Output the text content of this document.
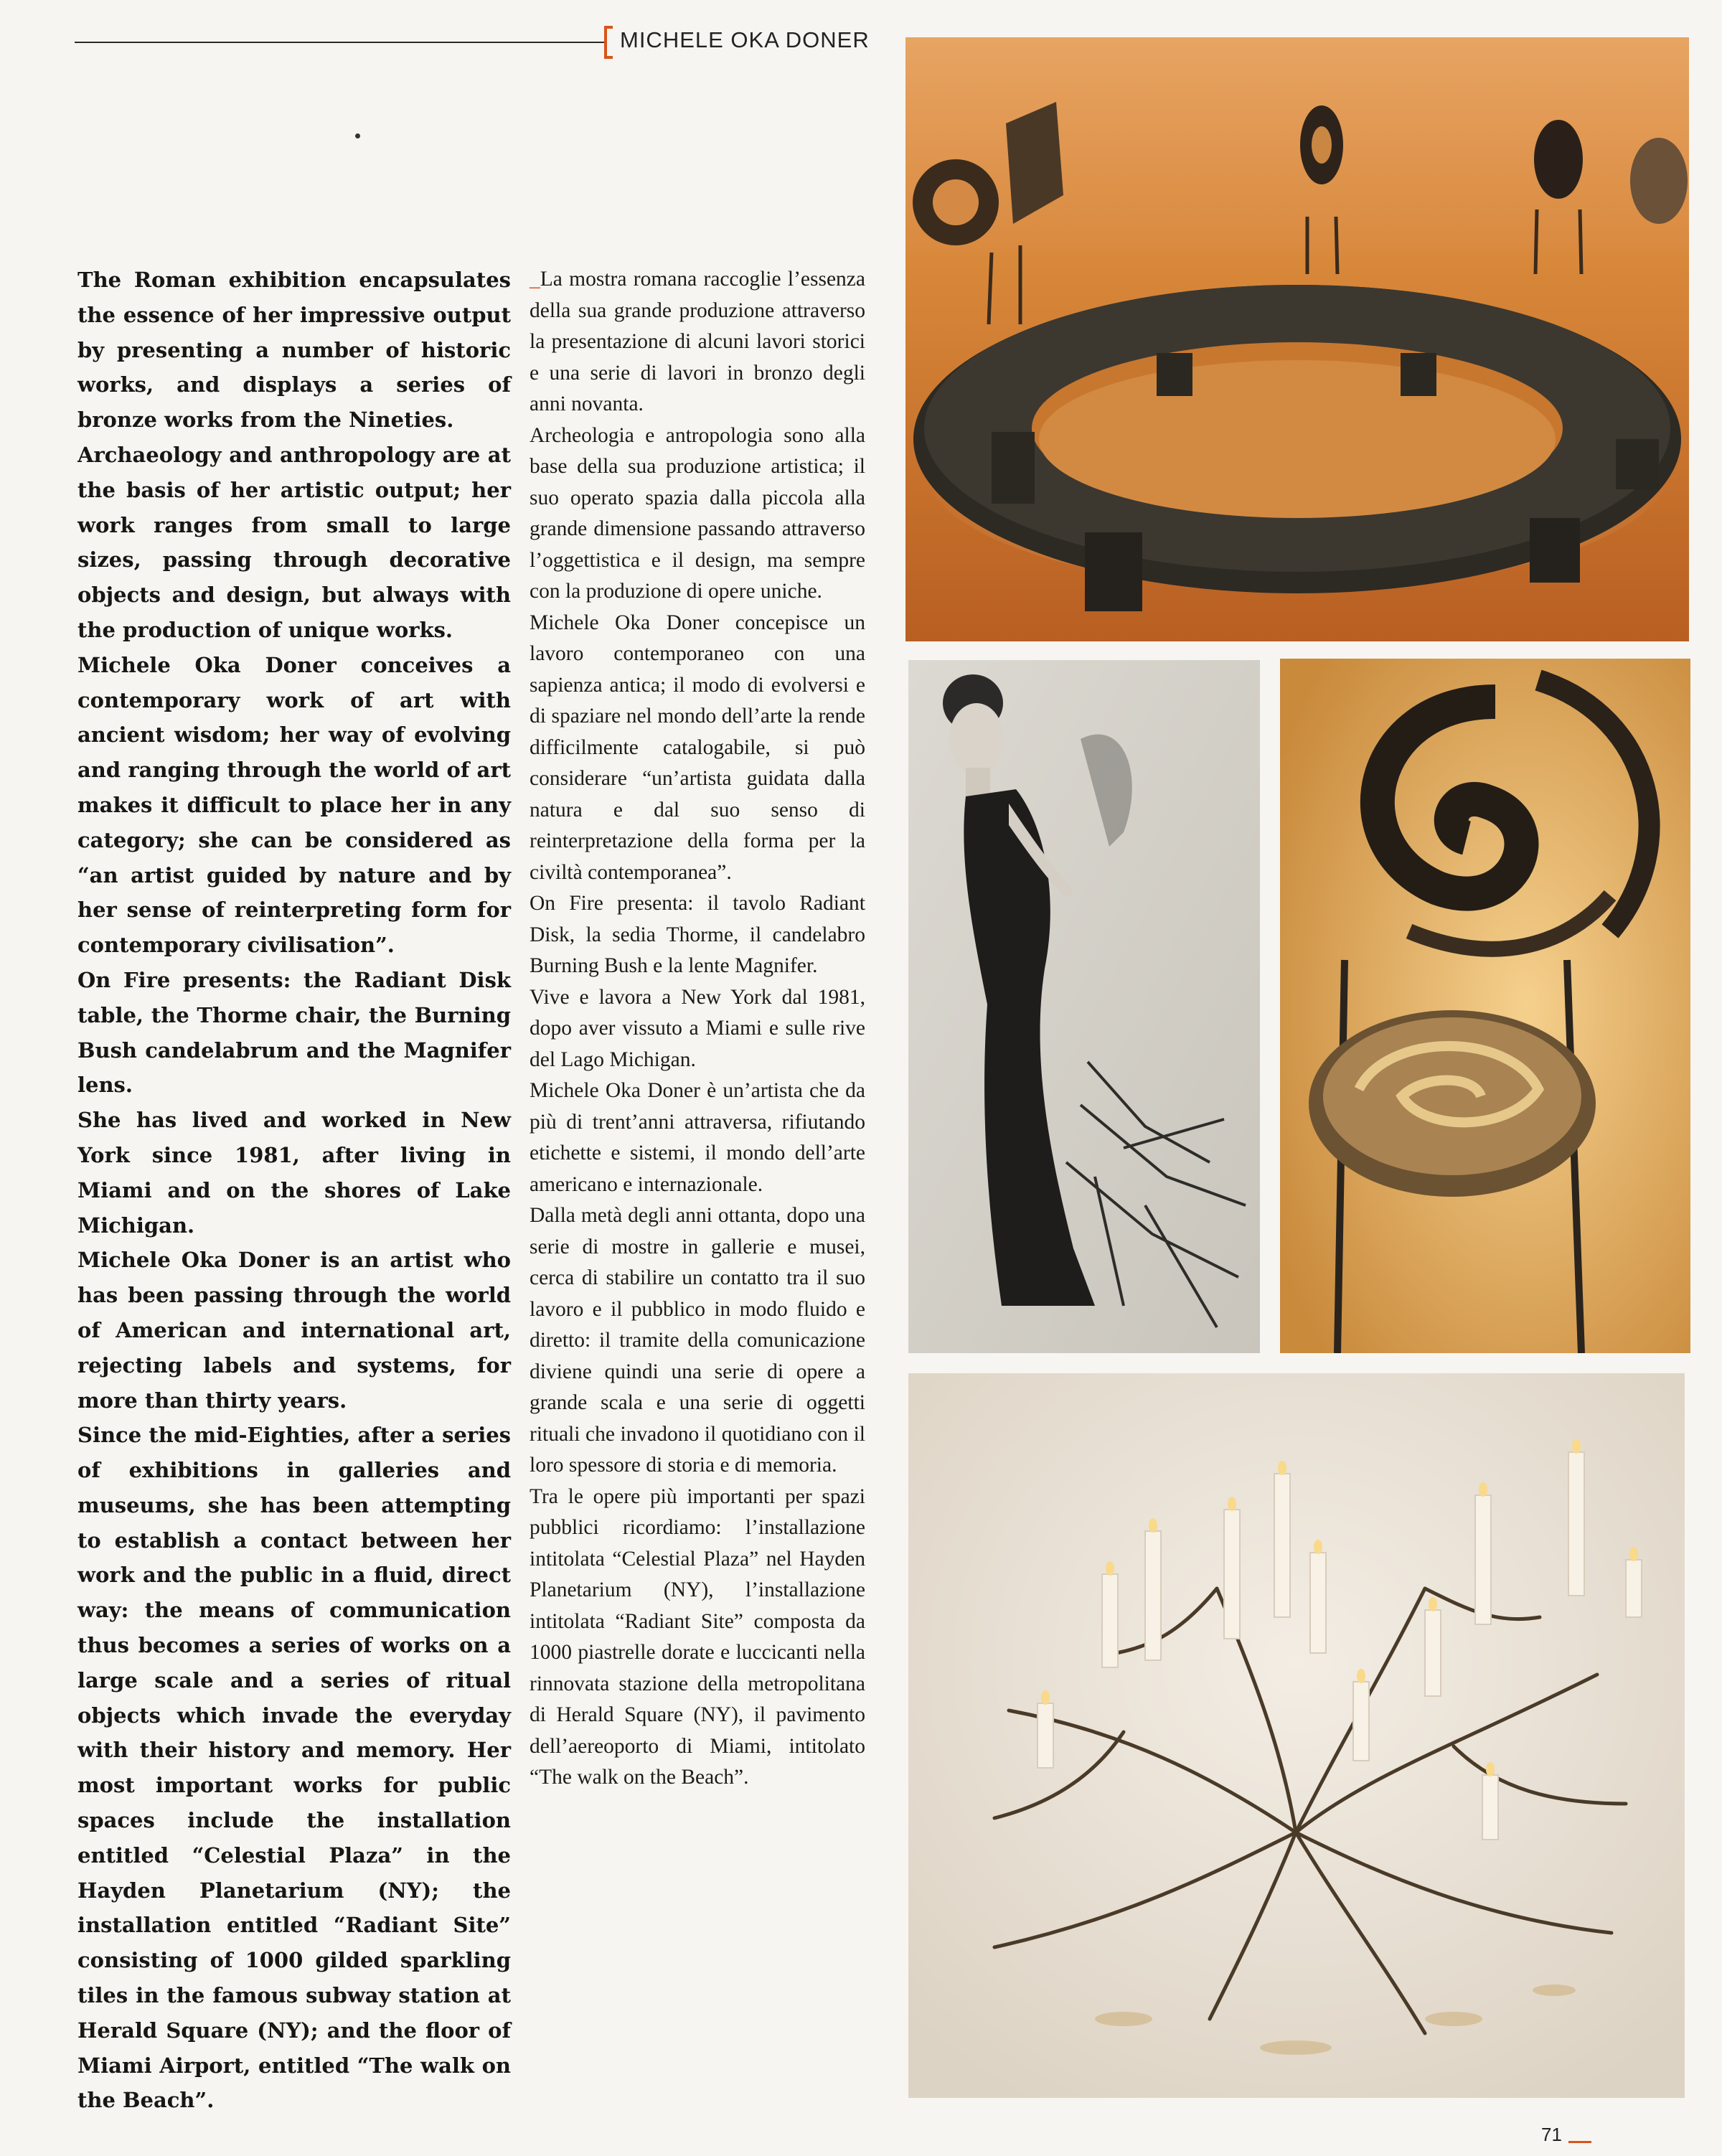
MICHELE OKA DONER

The Roman exhibition encapsulates the essence of her impressive output by presenting a number of historic works, and displays a series of bronze works from the Nineties.

Archaeology and anthropology are at the basis of her artistic output; her work ranges from small to large sizes, passing through decorative objects and design, but always with the production of unique works.

Michele Oka Doner conceives a contemporary work of art with ancient wisdom; her way of evolving and ranging through the world of art makes it difficult to place her in any category; she can be considered as “an artist guided by nature and by her sense of reinterpreting form for contemporary civilisation”.

On Fire presents: the Radiant Disk table, the Thorme chair, the Burning Bush candelabrum and the Magnifer lens.

She has lived and worked in New York since 1981, after living in Miami and on the shores of Lake Michigan.

Michele Oka Doner is an artist who has been passing through the world of American and international art, rejecting labels and systems, for more than thirty years.

Since the mid-Eighties, after a series of exhibitions in galleries and museums, she has been attempting to establish a contact between her work and the public in a fluid, direct way: the means of communication thus becomes a series of works on a large scale and a series of ritual objects which invade the everyday with their history and memory. Her most important works for public spaces include the installation entitled “Celestial Plaza” in the Hayden Planetarium (NY); the installation entitled “Radiant Site” consisting of 1000 gilded sparkling tiles in the famous subway station at Herald Square (NY); and the floor of Miami Airport, entitled “The walk on the Beach”.

_La mostra romana raccoglie l’essenza della sua grande produzione attraverso la presentazione di alcuni lavori storici e una serie di lavori in bronzo degli anni novanta.

Archeologia e antropologia sono alla base della sua produzione artistica; il suo operato spazia dalla piccola alla grande dimensione passando attraverso l’oggettistica e il design, ma sempre con la produzione di opere uniche.

Michele Oka Doner concepisce un lavoro contemporaneo con una sapienza antica; il modo di evolversi e di spaziare nel mondo dell’arte la rende difficilmente catalogabile, si può considerare “un’artista guidata dalla natura e dal suo senso di reinterpretazione della forma per la civiltà contemporanea”.

On Fire presenta: il tavolo Radiant Disk, la sedia Thorme, il candelabro Burning Bush e la lente Magnifer.

Vive e lavora a New York dal 1981, dopo aver vissuto a Miami e sulle rive del Lago Michigan.

Michele Oka Doner è un’artista che da più di trent’anni attraversa, rifiutando etichette e sistemi, il mondo dell’arte americano e internazionale.

Dalla metà degli anni ottanta, dopo una serie di mostre in gallerie e musei, cerca di stabilire un contatto tra il suo lavoro e il pubblico in modo fluido e diretto: il tramite della comunicazione diviene quindi una serie di opere a grande scala e una serie di oggetti rituali che invadono il quotidiano con il loro spessore di storia e di memoria.

Tra le opere più importanti per spazi pubblici ricordiamo: l’installazione intitolata “Celestial Plaza” nel Hayden Planetarium (NY), l’installazione intitolata “Radiant Site” composta da 1000 piastrelle dorate e luccicanti nella rinnovata stazione della metropolitana di Herald Square (NY), il pavimento dell’aereoporto di Miami, intitolato “The walk on the Beach”.

71
